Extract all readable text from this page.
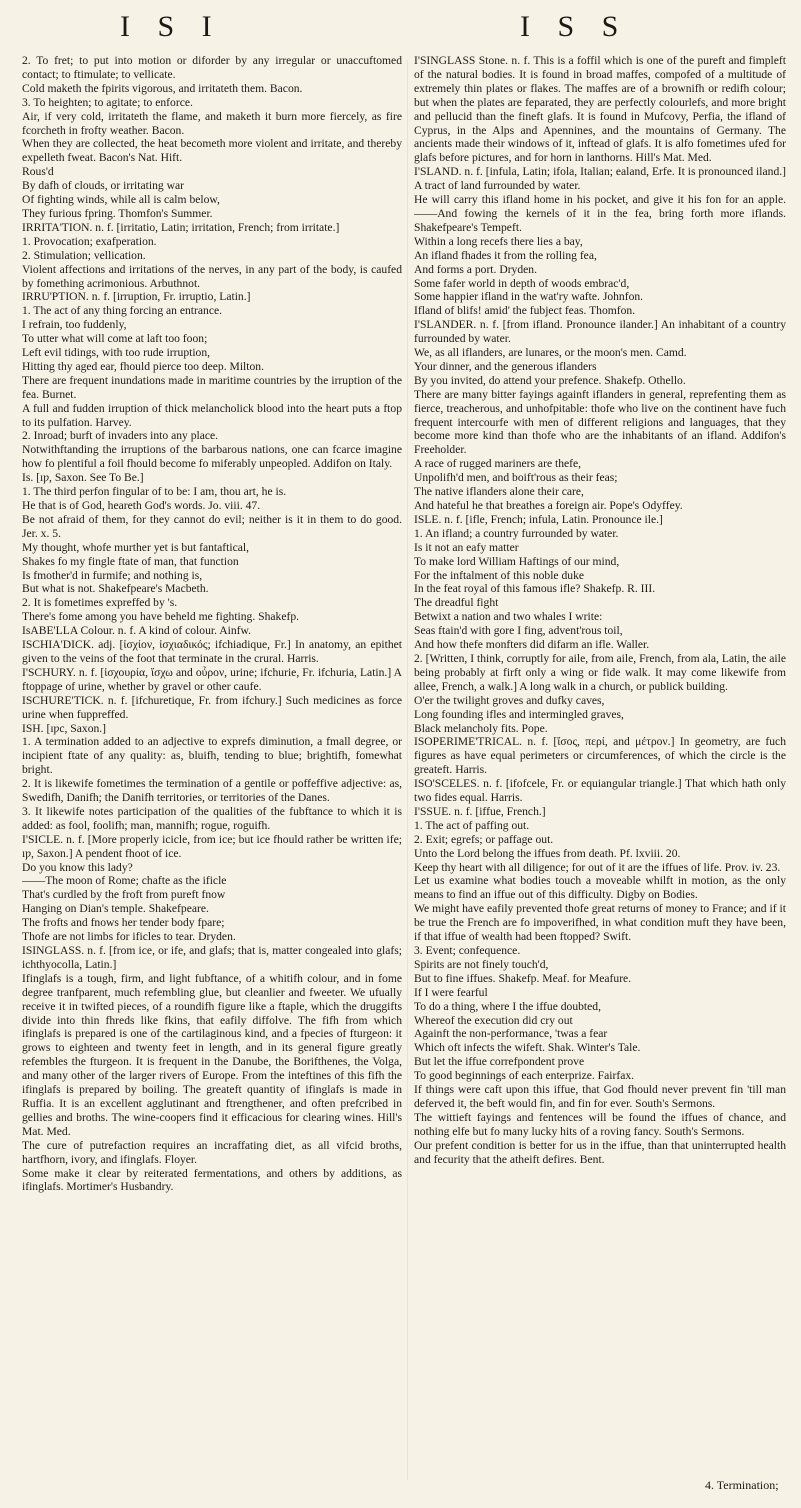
I S I	I S S

2. To fret; to put into motion or diforder by any irregular or unaccuftomed contact; to ftimulate; to vellicate.

Cold maketh the fpirits vigorous, and irritateth them. Bacon.

3. To heighten; to agitate; to enforce.

Air, if very cold, irritateth the flame, and maketh it burn more fiercely, as fire fcorcheth in frofty weather. Bacon.

When they are collected, the heat becometh more violent and irritate, and thereby expelleth fweat. Bacon's Nat. Hift.

Rous'd

By dafh of clouds, or irritating war

Of fighting winds, while all is calm below,

They furious fpring. Thomfon's Summer.

IRRITA'TION. n. f. [irritatio, Latin; irritation, French; from irritate.]

1. Provocation; exafperation.

2. Stimulation; vellication.

Violent affections and irritations of the nerves, in any part of the body, is caufed by fomething acrimonious. Arbuthnot.

IRRU'PTION. n. f. [irruption, Fr. irruptio, Latin.]

1. The act of any thing forcing an entrance.

I refrain, too fuddenly,

To utter what will come at laft too foon;

Left evil tidings, with too rude irruption,

Hitting thy aged ear, fhould pierce too deep. Milton.

There are frequent inundations made in maritime countries by the irruption of the fea. Burnet.

A full and fudden irruption of thick melancholick blood into the heart puts a ftop to its pulfation. Harvey.

2. Inroad; burft of invaders into any place.

Notwithftanding the irruptions of the barbarous nations, one can fcarce imagine how fo plentiful a foil fhould become fo miferably unpeopled. Addifon on Italy.

Is. [ıƿ, Saxon. See To Be.]

1. The third perfon fingular of to be: I am, thou art, he is.

He that is of God, heareth God's words. Jo. viii. 47.

Be not afraid of them, for they cannot do evil; neither is it in them to do good. Jer. x. 5.

My thought, whofe murther yet is but fantaftical,

Shakes fo my fingle ftate of man, that function

Is fmother'd in furmife; and nothing is,

But what is not. Shakefpeare's Macbeth.

2. It is fometimes expreffed by 's.

There's fome among you have beheld me fighting. Shakefp.

IsABE'LLA Colour. n. f. A kind of colour. Ainfw.

ISCHIA'DICK. adj. [ἰσχίον, ἰσχιαδικός; ifchiadique, Fr.] In anatomy, an epithet given to the veins of the foot that terminate in the crural. Harris.

I'SCHURY. n. f. [ἰσχουρία, ἴσχω and οὖρον, urine; ifchurie, Fr. ifchuria, Latin.] A ftoppage of urine, whether by gravel or other caufe.

ISCHURE'TICK. n. f. [ifchuretique, Fr. from ifchury.] Such medicines as force urine when fuppreffed.

ISH. [ıƿc, Saxon.]

1. A termination added to an adjective to exprefs diminution, a fmall degree, or incipient ftate of any quality: as, bluifh, tending to blue; brightifh, fomewhat bright.

2. It is likewife fometimes the termination of a gentile or poffeffive adjective: as, Swedifh, Danifh; the Danifh territories, or territories of the Danes.

3. It likewife notes participation of the qualities of the fubftance to which it is added: as fool, foolifh; man, mannifh; rogue, roguifh.

I'SICLE. n. f. [More properly icicle, from ice; but ice fhould rather be written ife; ıƿ, Saxon.] A pendent fhoot of ice.

Do you know this lady?

——The moon of Rome; chafte as the ificle

That's curdled by the froft from pureft fnow

Hanging on Dian's temple. Shakefpeare.

The frofts and fnows her tender body fpare;

Thofe are not limbs for ificles to tear. Dryden.

ISINGLASS. n. f. [from ice, or ife, and glafs; that is, matter congealed into glafs; ichthyocolla, Latin.]

Ifinglafs is a tough, firm, and light fubftance, of a whitifh colour, and in fome degree tranfparent, much refembling glue, but cleanlier and fweeter. We ufually receive it in twifted pieces, of a roundifh figure like a ftaple, which the druggifts divide into thin fhreds like fkins, that eafily diffolve. The fifh from which ifinglafs is prepared is one of the cartilaginous kind, and a fpecies of fturgeon: it grows to eighteen and twenty feet in length, and in its general figure greatly refembles the fturgeon. It is frequent in the Danube, the Borifthenes, the Volga, and many other of the larger rivers of Europe. From the inteftines of this fifh the ifinglafs is prepared by boiling. The greateft quantity of ifinglafs is made in Ruffia. It is an excellent agglutinant and ftrengthener, and often prefcribed in gellies and broths. The wine-coopers find it efficacious for clearing wines. Hill's Mat. Med.

The cure of putrefaction requires an incraffating diet, as all vifcid broths, hartfhorn, ivory, and ifinglafs. Floyer.

Some make it clear by reiterated fermentations, and others by additions, as ifinglafs. Mortimer's Husbandry.

I'SINGLASS Stone. n. f. This is a foffil which is one of the pureft and fimpleft of the natural bodies. It is found in broad maffes, compofed of a multitude of extremely thin plates or flakes. The maffes are of a brownifh or redifh colour; but when the plates are feparated, they are perfectly colourlefs, and more bright and pellucid than the fineft glafs. It is found in Mufcovy, Perfia, the ifland of Cyprus, in the Alps and Apennines, and the mountains of Germany. The ancients made their windows of it, inftead of glafs. It is alfo fometimes ufed for glafs before pictures, and for horn in lanthorns. Hill's Mat. Med.

I'SLAND. n. f. [infula, Latin; ifola, Italian; ealand, Erfe. It is pronounced iland.] A tract of land furrounded by water.

He will carry this ifland home in his pocket, and give it his fon for an apple.——And fowing the kernels of it in the fea, bring forth more iflands. Shakefpeare's Tempeft.

Within a long recefs there lies a bay,

An ifland fhades it from the rolling fea,

And forms a port. Dryden.

Some fafer world in depth of woods embrac'd,

Some happier ifland in the wat'ry wafte. Johnfon.

Ifland of blifs! amid' the fubject feas. Thomfon.

I'SLANDER. n. f. [from ifland. Pronounce ilander.] An inhabitant of a country furrounded by water.

We, as all iflanders, are lunares, or the moon's men. Camd.

Your dinner, and the generous iflanders

By you invited, do attend your prefence. Shakefp. Othello.

There are many bitter fayings againft iflanders in general, reprefenting them as fierce, treacherous, and unhofpitable: thofe who live on the continent have fuch frequent intercourfe with men of different religions and languages, that they become more kind than thofe who are the inhabitants of an ifland. Addifon's Freeholder.

A race of rugged mariners are thefe,

Unpolifh'd men, and boift'rous as their feas;

The native iflanders alone their care,

And hateful he that breathes a foreign air. Pope's Odyffey.

ISLE. n. f. [ifle, French; infula, Latin. Pronounce ile.]

1. An ifland; a country furrounded by water.

Is it not an eafy matter

To make lord William Haftings of our mind,

For the inftalment of this noble duke

In the feat royal of this famous ifle? Shakefp. R. III.

The dreadful fight

Betwixt a nation and two whales I write:

Seas ftain'd with gore I fing, advent'rous toil,

And how thefe monfters did difarm an ifle. Waller.

2. [Written, I think, corruptly for aile, from aile, French, from ala, Latin, the aile being probably at firft only a wing or fide walk. It may come likewife from allee, French, a walk.] A long walk in a church, or publick building.

O'er the twilight groves and dufky caves,

Long founding ifles and intermingled graves,

Black melancholy fits. Pope.

ISOPERIME'TRICAL. n. f. [ἴσος, περί, and μέτρον.] In geometry, are fuch figures as have equal perimeters or circumferences, of which the circle is the greateft. Harris.

ISO'SCELES. n. f. [ifofcele, Fr. or equiangular triangle.] That which hath only two fides equal. Harris.

I'SSUE. n. f. [iffue, French.]

1. The act of paffing out.

2. Exit; egrefs; or paffage out.

Unto the Lord belong the iffues from death. Pf. lxviii. 20.

Keep thy heart with all diligence; for out of it are the iffues of life. Prov. iv. 23.

Let us examine what bodies touch a moveable whilft in motion, as the only means to find an iffue out of this difficulty. Digby on Bodies.

We might have eafily prevented thofe great returns of money to France; and if it be true the French are fo impoverifhed, in what condition muft they have been, if that iffue of wealth had been ftopped? Swift.

3. Event; confequence.

Spirits are not finely touch'd,

But to fine iffues. Shakefp. Meaf. for Meafure.

If I were fearful

To do a thing, where I the iffue doubted,

Whereof the execution did cry out

Againft the non-performance, 'twas a fear

Which oft infects the wifeft. Shak. Winter's Tale.

But let the iffue correfpondent prove

To good beginnings of each enterprize. Fairfax.

If things were caft upon this iffue, that God fhould never prevent fin 'till man deferved it, the beft would fin, and fin for ever. South's Sermons.

The wittieft fayings and fentences will be found the iffues of chance, and nothing elfe but fo many lucky hits of a roving fancy. South's Sermons.

Our prefent condition is better for us in the iffue, than that uninterrupted health and fecurity that the atheift defires. Bent.

4. Termination;
